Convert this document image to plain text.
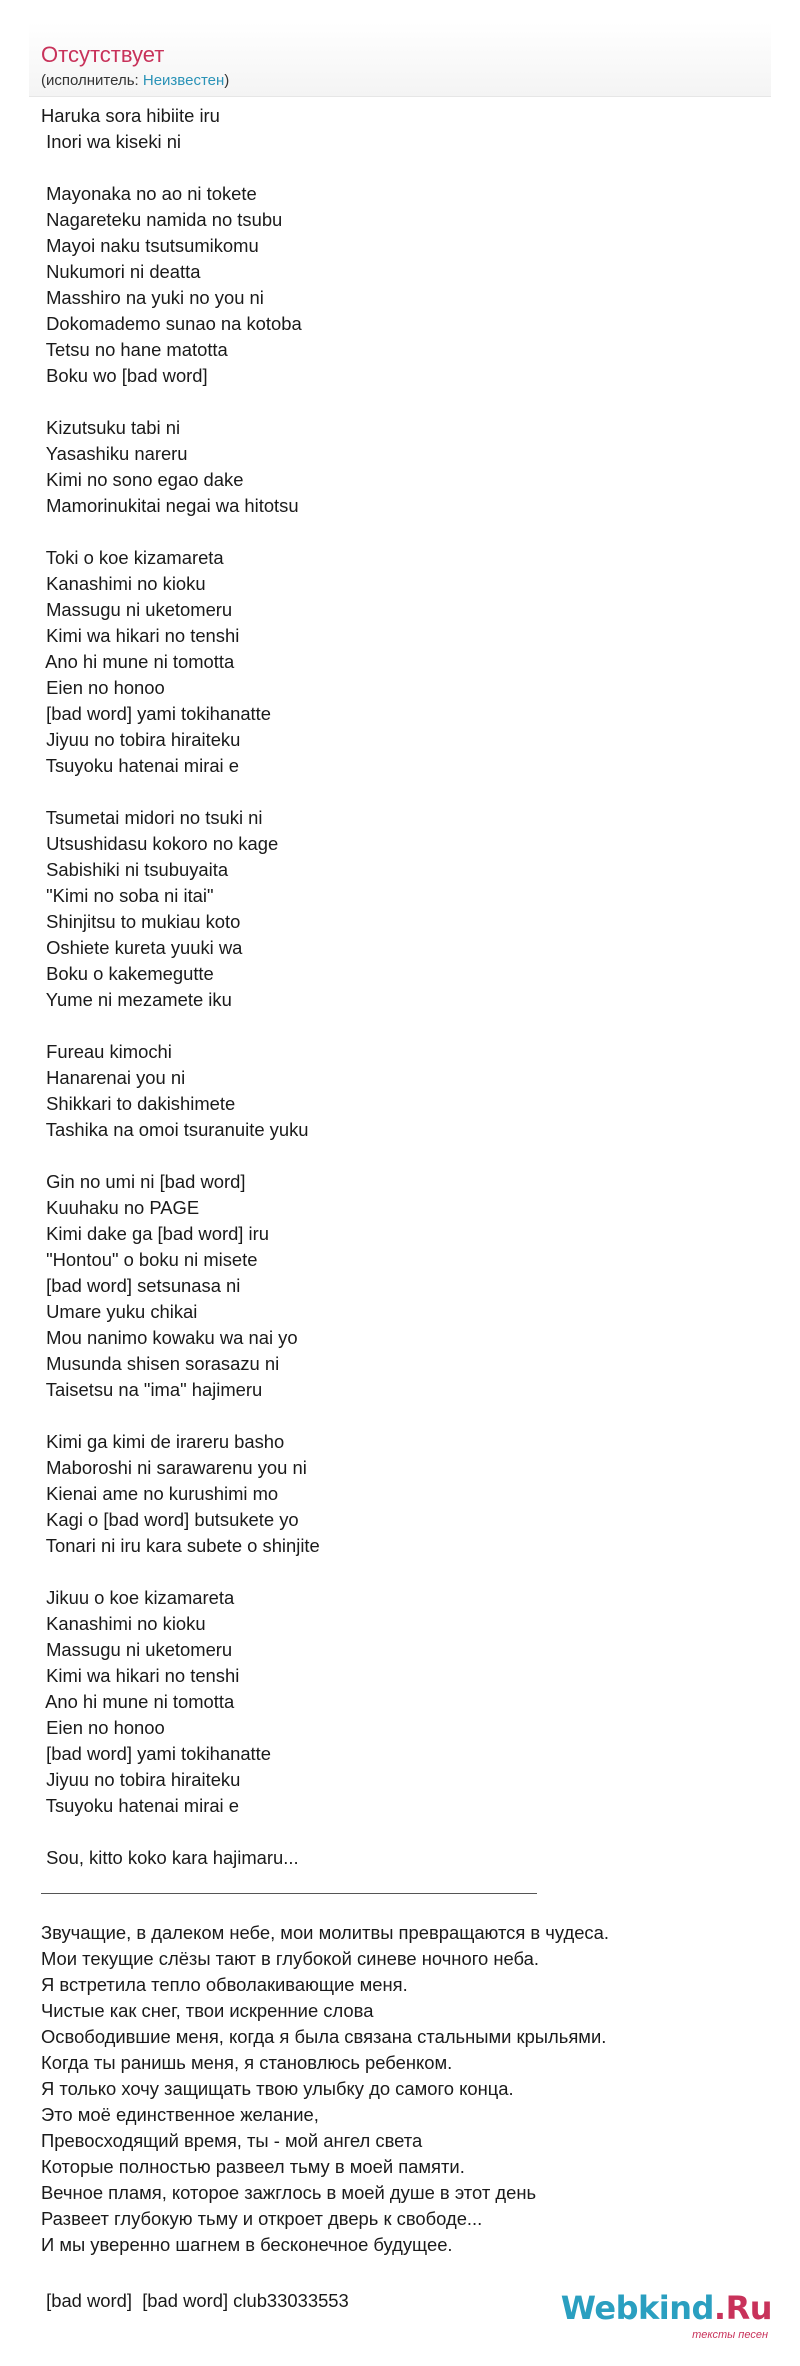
Отсутствует
(исполнитель: Неизвестен)
Haruka sora hibiite iru
Inori wa kiseki ni

Mayonaka no ao ni tokete
Nagareteku namida no tsubu
Mayoi naku tsutsumikomu
Nukumori ni deatta
Masshiro na yuki no you ni
Dokomademo sunao na kotoba
Tetsu no hane matotta
Boku wo [bad word]

Kizutsuku tabi ni
Yasashiku nareru
Kimi no sono egao dake
Mamorinukitai negai wa hitotsu

Toki o koe kizamareta
Kanashimi no kioku
Massugu ni uketomeru
Kimi wa hikari no tenshi
Ano hi mune ni tomotta
Eien no honoo
[bad word] yami tokihanatte
Jiyuu no tobira hiraiteku
Tsuyoku hatenai mirai e

Tsumetai midori no tsuki ni
Utsushidasu kokoro no kage
Sabishiki ni tsubuyaita
"Kimi no soba ni itai"
Shinjitsu to mukiau koto
Oshiete kureta yuuki wa
Boku o kakemegutte
Yume ni mezamete iku

Fureau kimochi
Hanarenai you ni
Shikkari to dakishimete
Tashika na omoi tsuranuite yuku

Gin no umi ni [bad word]
Kuuhaku no PAGE
Kimi dake ga [bad word] iru
"Hontou" o boku ni misete
[bad word] setsunasa ni
Umare yuku chikai
Mou nanimo kowaku wa nai yo
Musunda shisen sorasazu ni
Taisetsu na "ima" hajimeru

Kimi ga kimi de irareru basho
Maboroshi ni sarawarenu you ni
Kienai ame no kurushimi mo
Kagi o [bad word] butsukete yo
Tonari ni iru kara subete o shinjite

Jikuu o koe kizamareta
Kanashimi no kioku
Massugu ni uketomeru
Kimi wa hikari no tenshi
Ano hi mune ni tomotta
Eien no honoo
[bad word] yami tokihanatte
Jiyuu no tobira hiraiteku
Tsuyoku hatenai mirai e

Sou, kitto koko kara hajimaru...
Звучащие, в далеком небе, мои молитвы превращаются в чудеса.
Мои текущие слёзы тают в глубокой синеве ночного неба.
Я встретила тепло обволакивающие меня.
Чистые как снег, твои искренние слова
Освободившие меня, когда я была связана стальными крыльями.
Когда ты ранишь меня, я становлюсь ребенком.
Я только хочу защищать твою улыбку до самого конца.
Это моё единственное желание,
Превосходящий время, ты - мой ангел света
Которые полностью развеел тьму в моей памяти.
Вечное пламя, которое зажглось в моей душе в этот день
Развеет глубокую тьму и откроет дверь к свободе...
И мы уверенно шагнем в бесконечное будущее.
[bad word]  [bad word] club33033553	Webkind.Ru
тексты песен
